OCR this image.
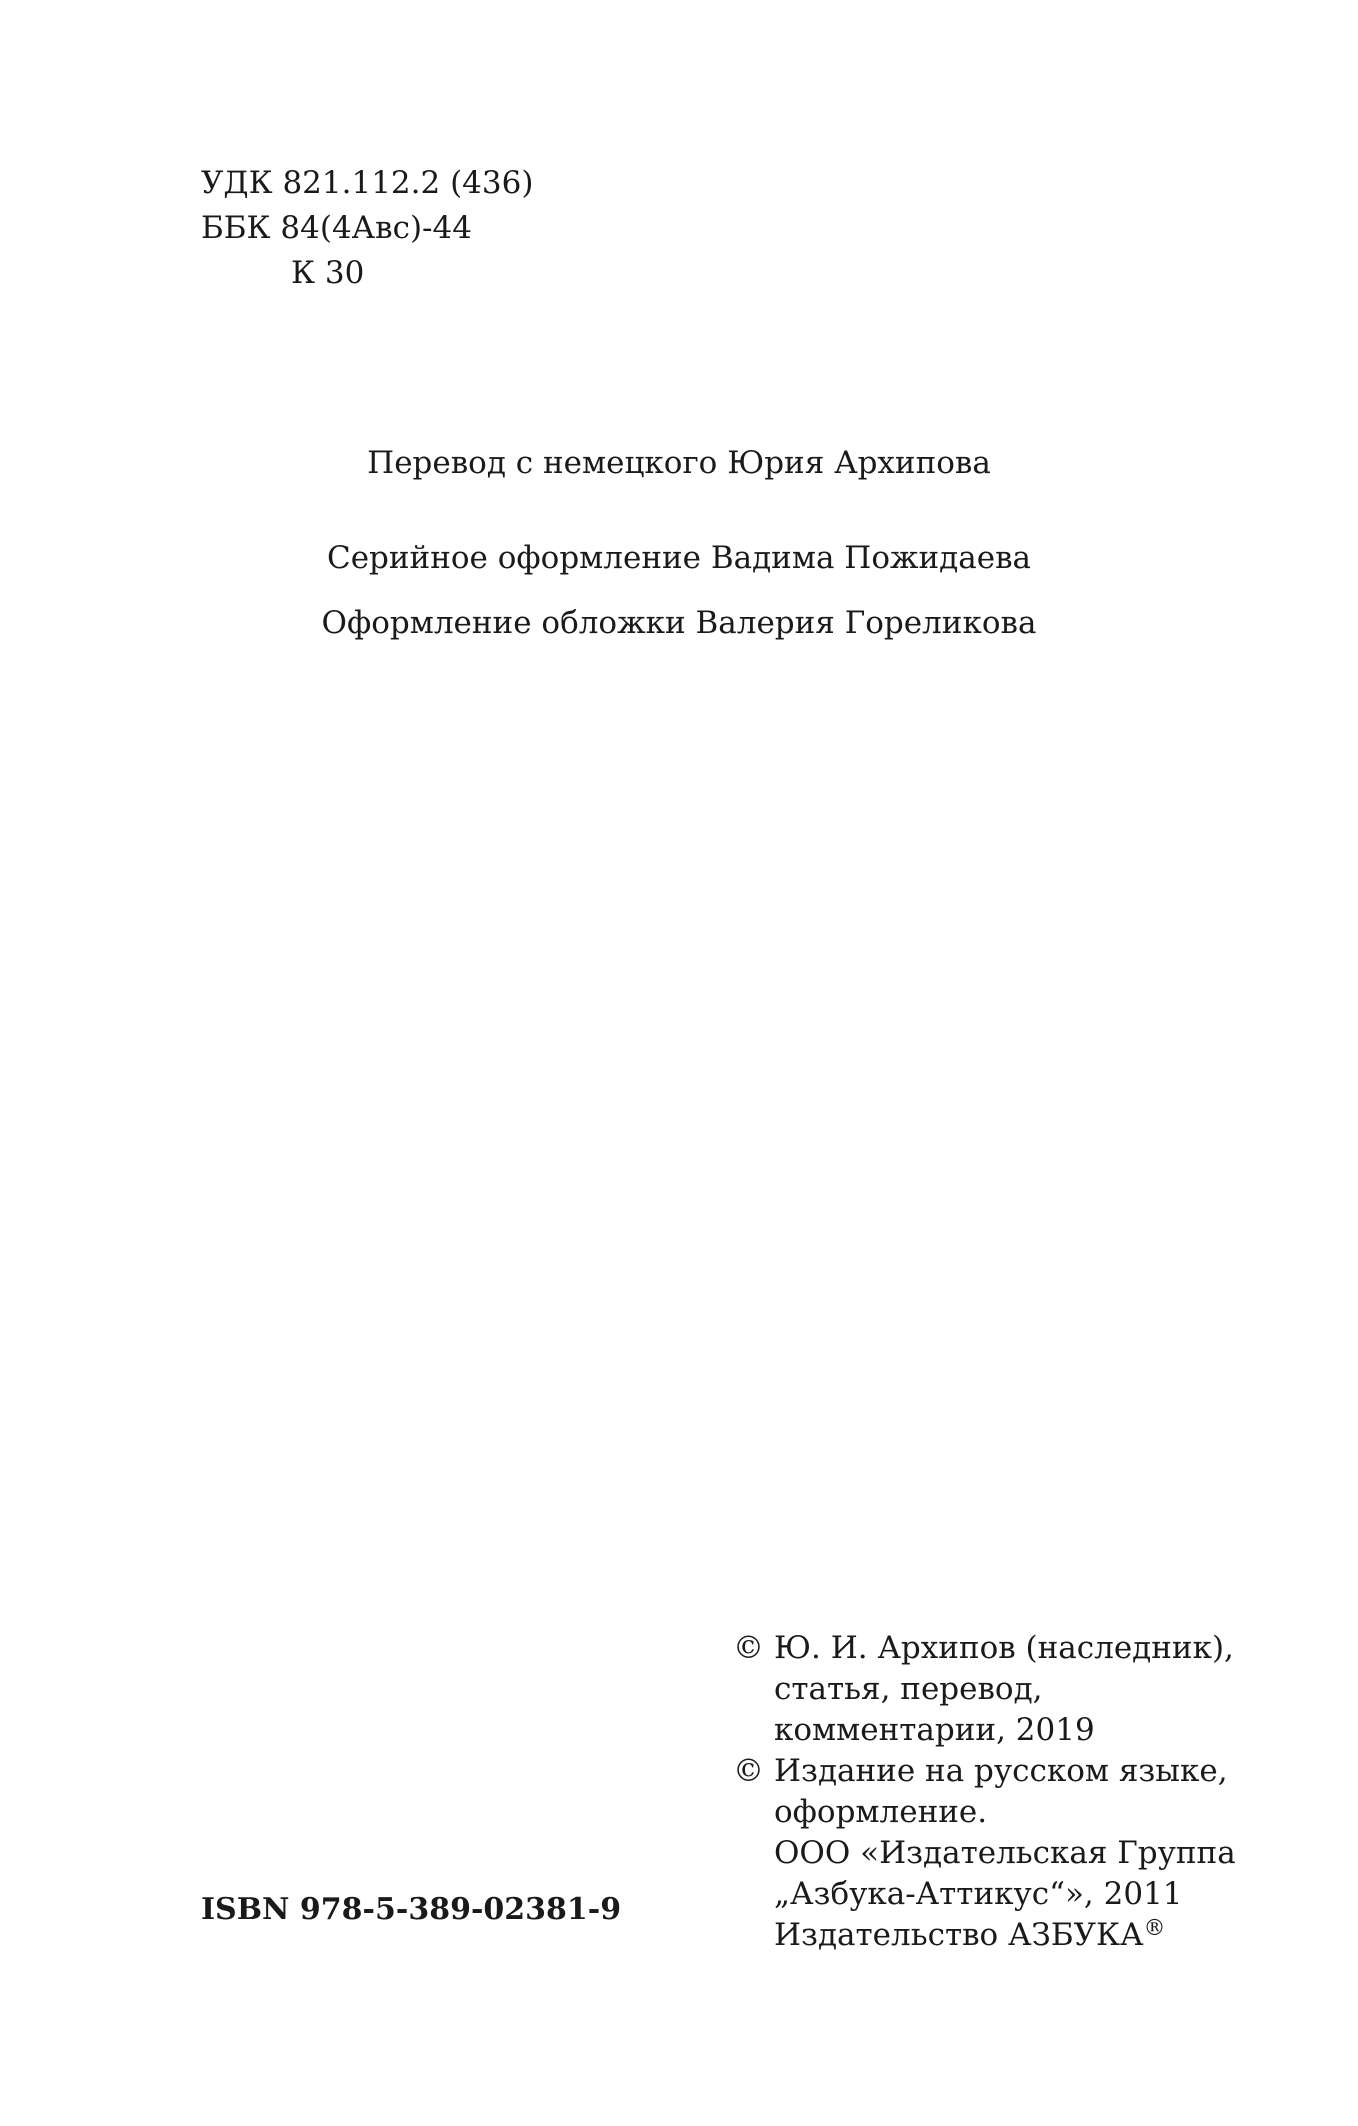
УДК 821.112.2 (436)
ББК 84(4Авс)-44
К 30
Перевод с немецкого Юрия Архипова
Серийное оформление Вадима Пожидаева
Оформление обложки Валерия Гореликова
© Ю. И. Архипов (наследник),
статья, перевод,
комментарии, 2019
© Издание на русском языке,
оформление.
ООО «Издательская Группа
„Азбука-Аттикус“», 2011
Издательство АЗБУКА®
ISBN 978-5-389-02381-9
